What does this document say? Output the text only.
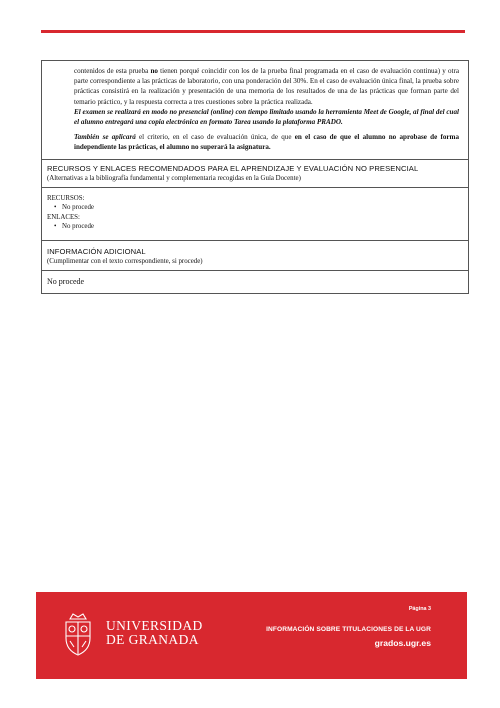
contenidos de esta prueba no tienen porqué coincidir con los de la prueba final programada en el caso de evaluación continua) y otra parte correspondiente a las prácticas de laboratorio, con una ponderación del 30%. En el caso de evaluación única final, la prueba sobre prácticas consistirá en la realización y presentación de una memoria de los resultados de una de las prácticas que forman parte del temario práctico, y la respuesta correcta a tres cuestiones sobre la práctica realizada.
El examen se realizará en modo no presencial (online) con tiempo limitado usando la herramienta Meet de Google, al final del cual el alumno entregará una copia electrónica en formato Tarea usando la plataforma PRADO.

También se aplicará el criterio, en el caso de evaluación única, de que en el caso de que el alumno no aprobase de forma independiente las prácticas, el alumno no superará la asignatura.

RECURSOS Y ENLACES RECOMENDADOS PARA EL APRENDIZAJE Y EVALUACIÓN NO PRESENCIAL
(Alternativas a la bibliografía fundamental y complementaria recogidas en la Guía Docente)

RECURSOS:
• No procede
ENLACES:
• No procede

INFORMACIÓN ADICIONAL
(Cumplimentar con el texto correspondiente, si procede)

No procede
UNIVERSIDAD
DE GRANADA
Página 3
INFORMACIÓN SOBRE TITULACIONES DE LA UGR
grados.ugr.es
